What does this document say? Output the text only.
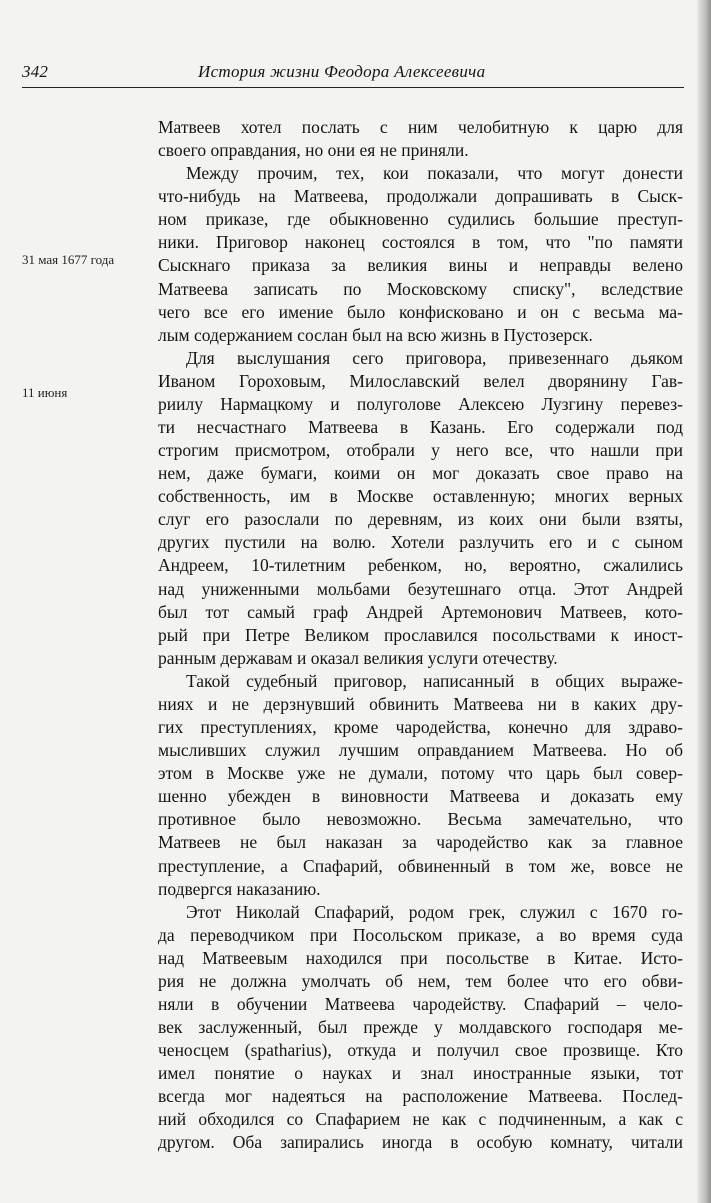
342	История жизни Феодора Алексеевича
31 мая 1677 года
11 июня
Матвеев хотел послать с ним челобитную к царю для
своего оправдания, но они ея не приняли.
Между прочим, тех, кои показали, что могут донести
что-нибудь на Матвеева, продолжали допрашивать в Сыск-
ном приказе, где обыкновенно судились большие преступ-
ники. Приговор наконец состоялся в том, что "по памяти
Сыскнаго приказа за великия вины и неправды велено
Матвеева записать по Московскому списку", вследствие
чего все его имение было конфисковано и он с весьма ма-
лым содержанием сослан был на всю жизнь в Пустозерск.
Для выслушания сего приговора, привезеннаго дьяком
Иваном Гороховым, Милославский велел дворянину Гав-
риилу Нармацкому и полуголове Алексею Лузгину перевез-
ти несчастнаго Матвеева в Казань. Его содержали под
строгим присмотром, отобрали у него все, что нашли при
нем, даже бумаги, коими он мог доказать свое право на
собственность, им в Москве оставленную; многих верных
слуг его разослали по деревням, из коих они были взяты,
других пустили на волю. Хотели разлучить его и с сыном
Андреем, 10-тилетним ребенком, но, вероятно, сжалились
над униженными мольбами безутешнаго отца. Этот Андрей
был тот самый граф Андрей Артемонович Матвеев, кото-
рый при Петре Великом прославился посольствами к иност-
ранным державам и оказал великия услуги отечеству.
Такой судебный приговор, написанный в общих выраже-
ниях и не дерзнувший обвинить Матвеева ни в каких дру-
гих преступлениях, кроме чародейства, конечно для здраво-
мысливших служил лучшим оправданием Матвеева. Но об
этом в Москве уже не думали, потому что царь был совер-
шенно убежден в виновности Матвеева и доказать ему
противное было невозможно. Весьма замечательно, что
Матвеев не был наказан за чародейство как за главное
преступление, а Спафарий, обвиненный в том же, вовсе не
подвергся наказанию.
Этот Николай Спафарий, родом грек, служил с 1670 го-
да переводчиком при Посольском приказе, а во время суда
над Матвеевым находился при посольстве в Китае. Исто-
рия не должна умолчать об нем, тем более что его обви-
няли в обучении Матвеева чародейству. Спафарий – чело-
век заслуженный, был прежде у молдавского господаря ме-
ченосцем (spatharius), откуда и получил свое прозвище. Кто
имел понятие о науках и знал иностранные языки, тот
всегда мог надеяться на расположение Матвеева. Послед-
ний обходился со Спафарием не как с подчиненным, а как с
другом. Оба запирались иногда в особую комнату, читали
